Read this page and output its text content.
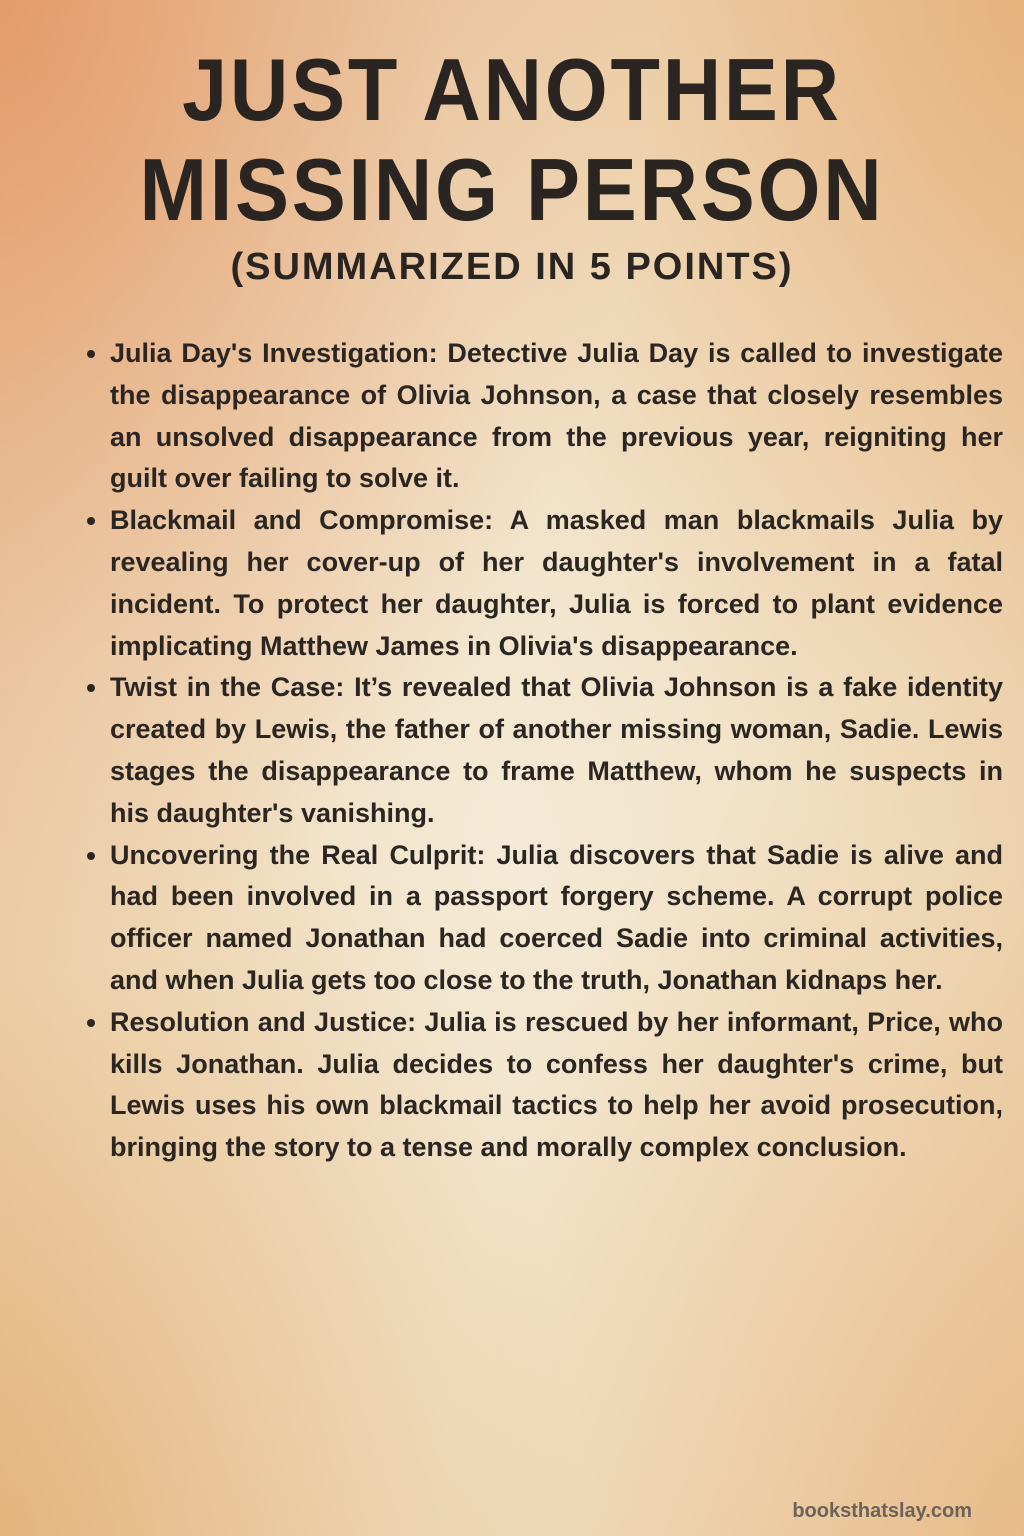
JUST ANOTHER
MISSING PERSON
(SUMMARIZED IN 5 POINTS)
• Julia Day's Investigation: Detective Julia Day is called to investigate the disappearance of Olivia Johnson, a case that closely resembles an unsolved disappearance from the previous year, reigniting her guilt over failing to solve it.
• Blackmail and Compromise: A masked man blackmails Julia by revealing her cover-up of her daughter's involvement in a fatal incident. To protect her daughter, Julia is forced to plant evidence implicating Matthew James in Olivia's disappearance.
• Twist in the Case: It’s revealed that Olivia Johnson is a fake identity created by Lewis, the father of another missing woman, Sadie. Lewis stages the disappearance to frame Matthew, whom he suspects in his daughter's vanishing.
• Uncovering the Real Culprit: Julia discovers that Sadie is alive and had been involved in a passport forgery scheme. A corrupt police officer named Jonathan had coerced Sadie into criminal activities, and when Julia gets too close to the truth, Jonathan kidnaps her.
• Resolution and Justice: Julia is rescued by her informant, Price, who kills Jonathan. Julia decides to confess her daughter's crime, but Lewis uses his own blackmail tactics to help her avoid prosecution, bringing the story to a tense and morally complex conclusion.
booksthatslay.com
